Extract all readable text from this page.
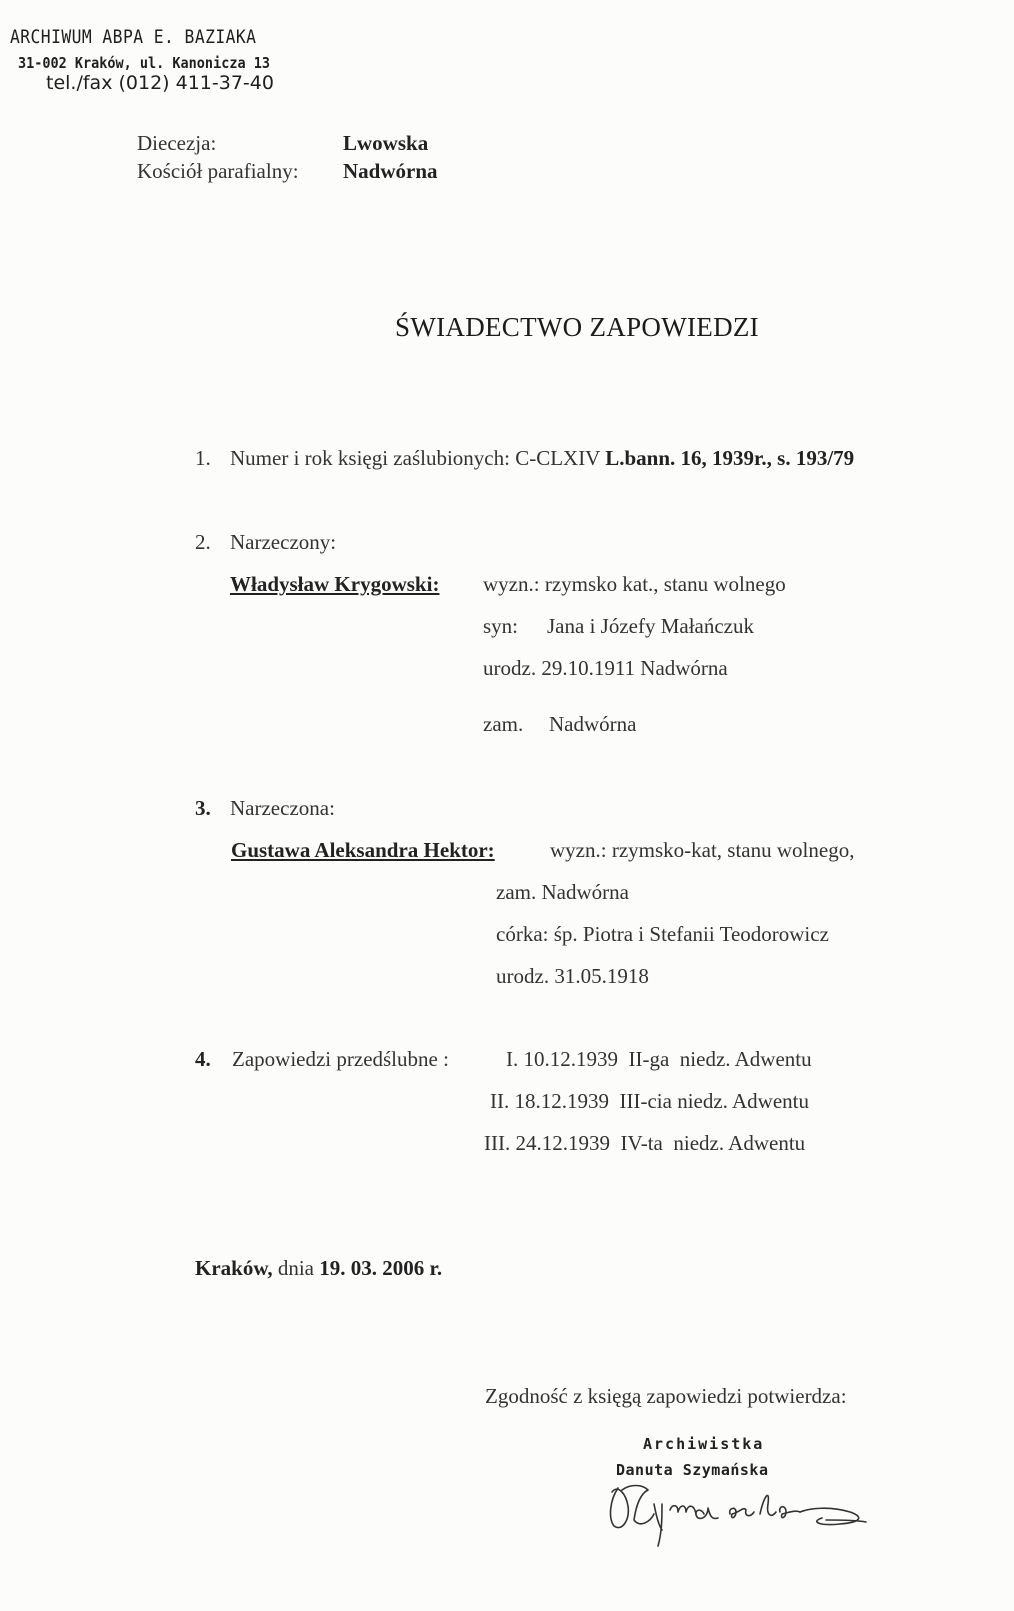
ARCHIWUM ABPA E. BAZIAKA
31-002 Kraków, ul. Kanonicza 13
tel./fax (012) 411-37-40
Diecezja:	Lwowska
Kościół parafialny: Nadwórna
ŚWIADECTWO ZAPOWIEDZI
1. Numer i rok księgi zaślubionych: C-CLXIV L.bann. 16, 1939r., s. 193/79
2. Narzeczony:
Władysław Krygowski: wyzn.: rzymsko kat., stanu wolnego
syn: Jana i Józefy Małańczuk
urodz. 29.10.1911 Nadwórna
zam. Nadwórna
3. Narzeczona:
Gustawa Aleksandra Hektor:	wyzn.: rzymsko-kat, stanu wolnego,
zam. Nadwórna
córka: śp. Piotra i Stefanii Teodorowicz
urodz. 31.05.1918
4. Zapowiedzi przedślubne :	I. 10.12.1939 II-ga  niedz. Adwentu
II. 18.12.1939 III-cia niedz. Adwentu
III. 24.12.1939 IV-ta  niedz. Adwentu
Kraków, dnia 19. 03. 2006 r.
Zgodność z księgą zapowiedzi potwierdza:
Archiwistka
Danuta Szymańska
